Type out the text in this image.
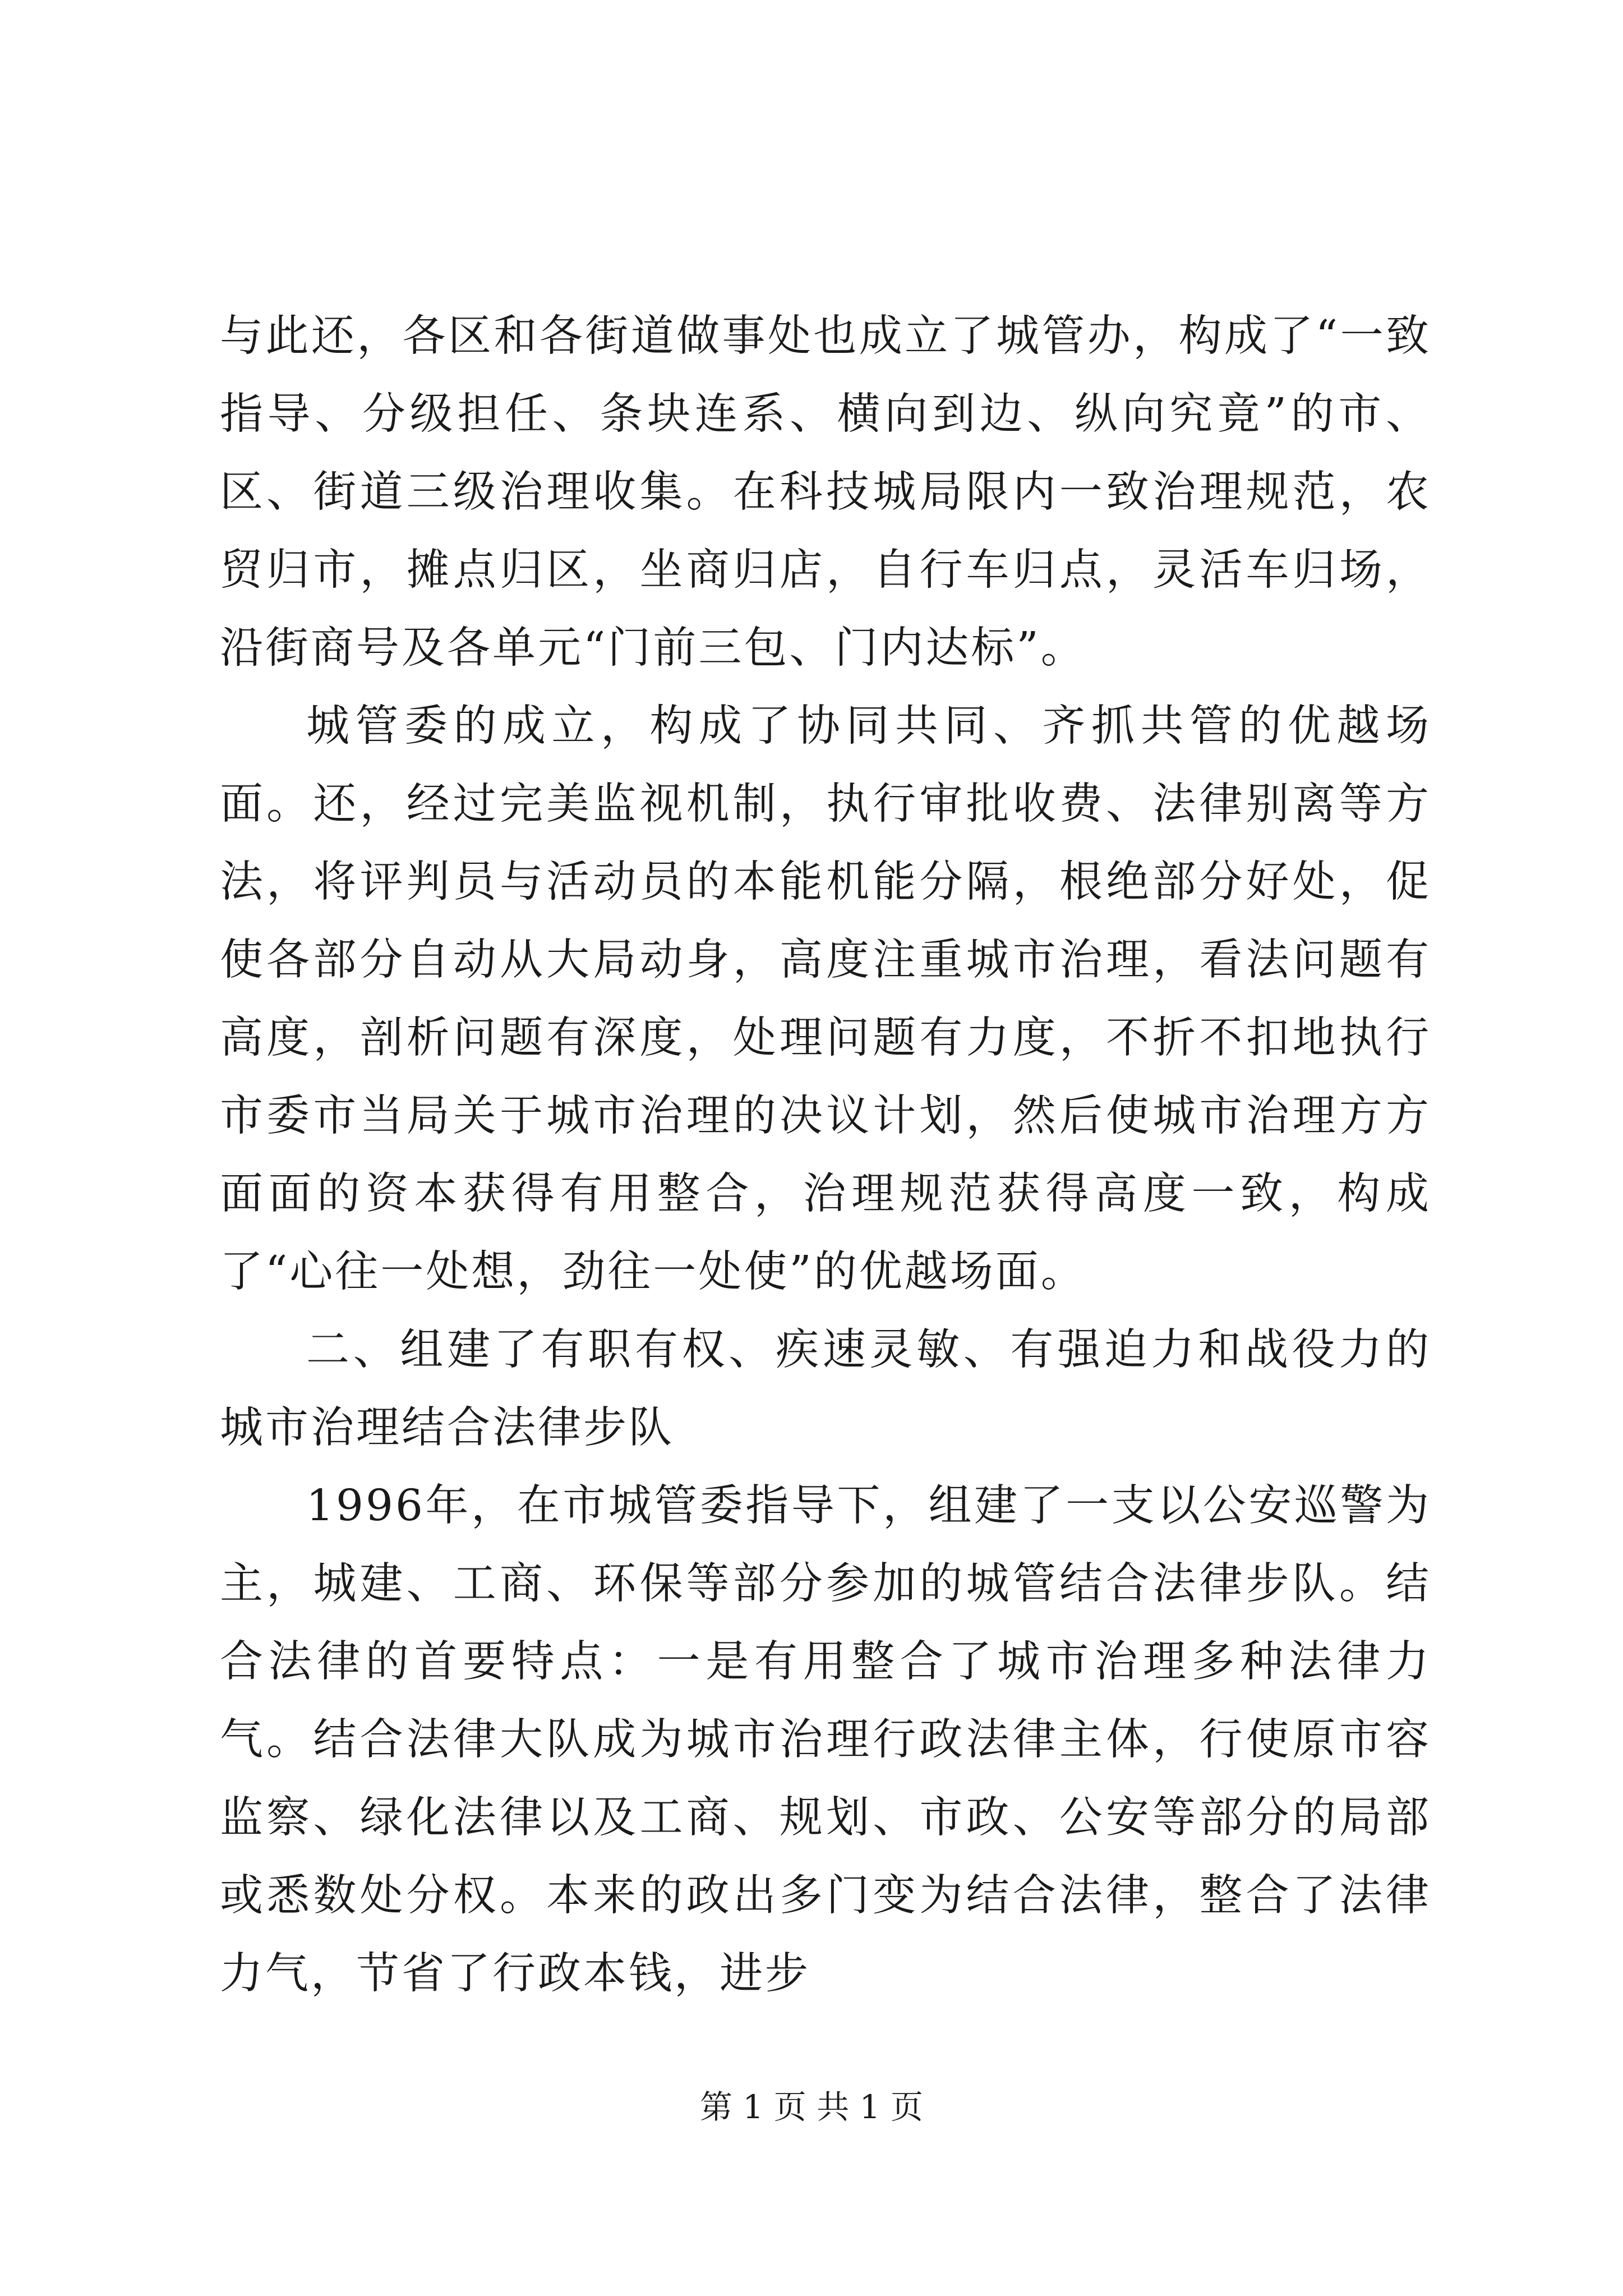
与此还，各区和各街道做事处也成立了城管办，构成了“一致指导、分级担任、条块连系、横向到边、纵向究竟”的市、区、街道三级治理收集。在科技城局限内一致治理规范，农贸归市，摊点归区，坐商归店，自行车归点，灵活车归场，沿街商号及各单元“门前三包、门内达标”。

城管委的成立，构成了协同共同、齐抓共管的优越场面。还，经过完美监视机制，执行审批收费、法律别离等方法，将评判员与活动员的本能机能分隔，根绝部分好处，促使各部分自动从大局动身，高度注重城市治理，看法问题有高度，剖析问题有深度，处理问题有力度，不折不扣地执行市委市当局关于城市治理的决议计划，然后使城市治理方方面面的资本获得有用整合，治理规范获得高度一致，构成了“心往一处想，劲往一处使”的优越场面。

二、组建了有职有权、疾速灵敏、有强迫力和战役力的城市治理结合法律步队

1996年，在市城管委指导下，组建了一支以公安巡警为主，城建、工商、环保等部分参加的城管结合法律步队。结合法律的首要特点：一是有用整合了城市治理多种法律力气。结合法律大队成为城市治理行政法律主体，行使原市容监察、绿化法律以及工商、规划、市政、公安等部分的局部或悉数处分权。本来的政出多门变为结合法律，整合了法律力气，节省了行政本钱，进步

第 1 页 共 1 页
